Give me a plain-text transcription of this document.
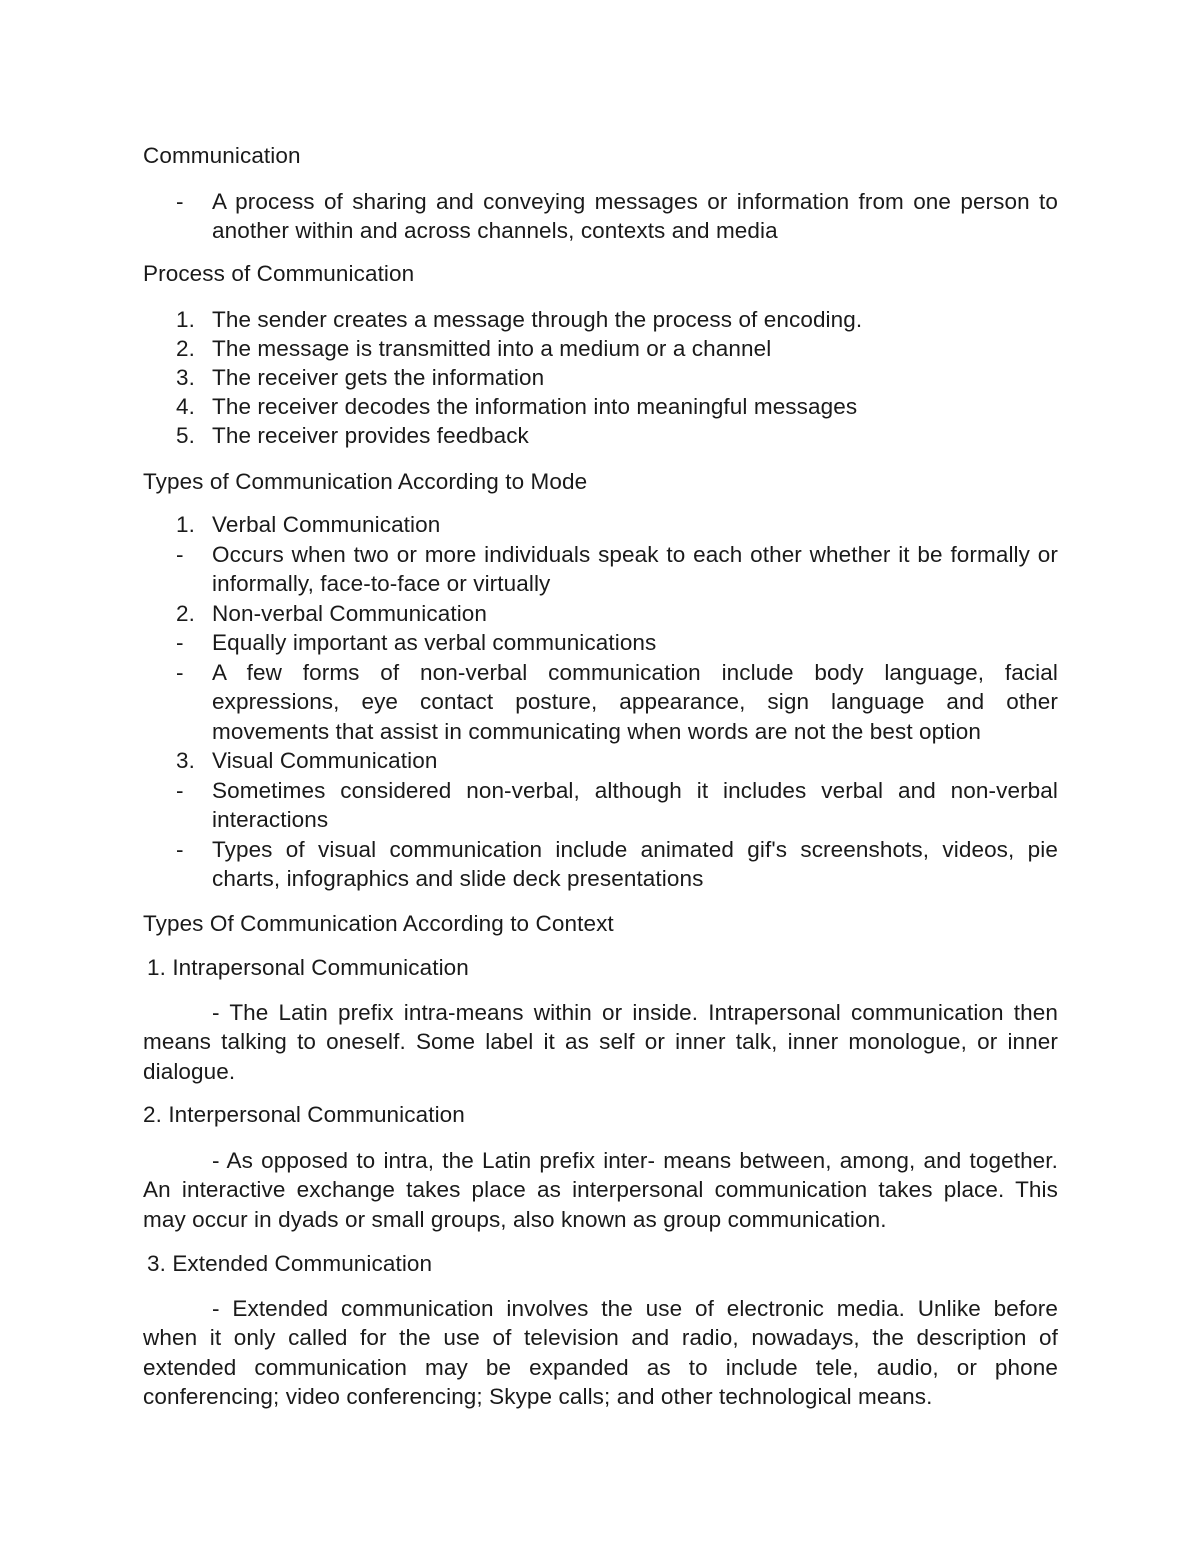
Communication
- A process of sharing and conveying messages or information from one person to
another within and across channels, contexts and media
Process of Communication
1. The sender creates a message through the process of encoding.
2. The message is transmitted into a medium or a channel
3. The receiver gets the information
4. The receiver decodes the information into meaningful messages
5. The receiver provides feedback
Types of Communication According to Mode
1. Verbal Communication
- Occurs when two or more individuals speak to each other whether it be formally or
informally, face-to-face or virtually
2. Non-verbal Communication
- Equally important as verbal communications
- A few forms of non-verbal communication include body language, facial
expressions, eye contact posture, appearance, sign language and other
movements that assist in communicating when words are not the best option
3. Visual Communication
- Sometimes considered non-verbal, although it includes verbal and non-verbal
interactions
- Types of visual communication include animated gif's screenshots, videos, pie
charts, infographics and slide deck presentations
Types Of Communication According to Context
1. Intrapersonal Communication
- The Latin prefix intra-means within or inside. Intrapersonal communication then
means talking to oneself. Some label it as self or inner talk, inner monologue, or inner
dialogue.
2. Interpersonal Communication
- As opposed to intra, the Latin prefix inter- means between, among, and together.
An interactive exchange takes place as interpersonal communication takes place. This
may occur in dyads or small groups, also known as group communication.
3. Extended Communication
- Extended communication involves the use of electronic media. Unlike before
when it only called for the use of television and radio, nowadays, the description of
extended communication may be expanded as to include tele, audio, or phone
conferencing; video conferencing; Skype calls; and other technological means.
